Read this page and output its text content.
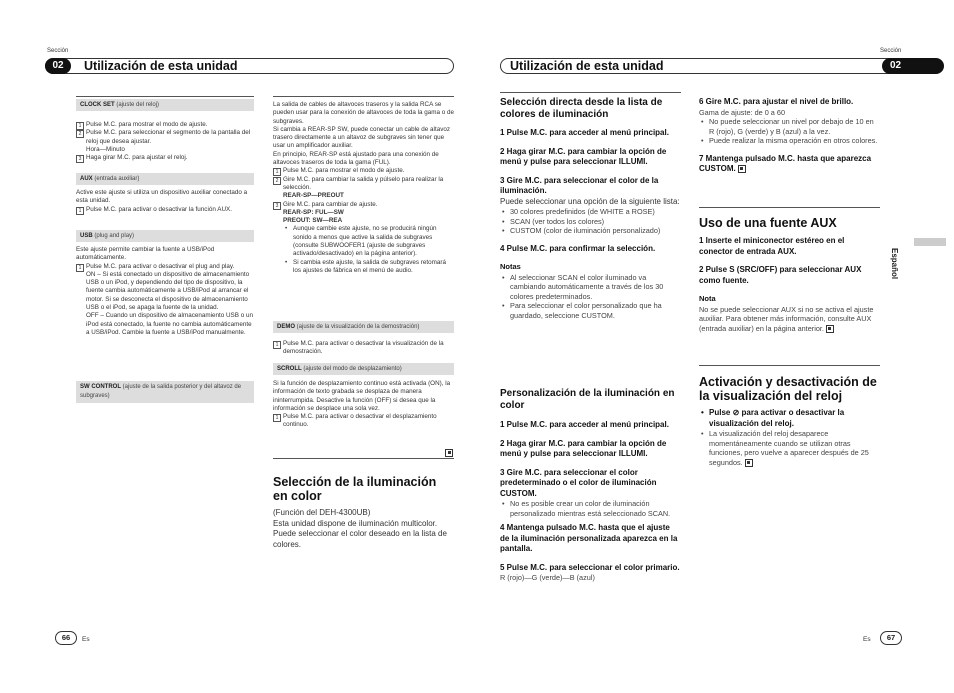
Sección
02	Utilización de esta unidad
Sección
02
Utilización de esta unidad
CLOCK SET (ajuste del reloj)

1 Pulse M.C. para mostrar el modo de ajuste.

2 Pulse M.C. para seleccionar el segmento de la pantalla del reloj que desea ajustar.

Hora—Minuto

3 Haga girar M.C. para ajustar el reloj.

AUX (entrada auxiliar)

Active este ajuste si utiliza un dispositivo auxiliar conectado a esta unidad.

1 Pulse M.C. para activar o desactivar la función AUX.

USB (plug and play)

Este ajuste permite cambiar la fuente a USB/iPod automáticamente.

1 Pulse M.C. para activar o desactivar el plug and play.

ON – Si está conectado un dispositivo de almacenamiento USB o un iPod, y dependiendo del tipo de dispositivo, la fuente cambia automáticamente a USB/iPod al arrancar el motor. Si se desconecta el dispositivo de almacenamiento USB o el iPod, se apaga la fuente de la unidad.

OFF – Cuando un dispositivo de almacenamiento USB o un iPod está conectado, la fuente no cambia automáticamente a USB/iPod. Cambie la fuente a USB/iPod manualmente.

SW CONTROL (ajuste de la salida posterior y del altavoz de subgraves)

La salida de cables de altavoces traseros y la salida RCA se pueden usar para la conexión de altavoces de toda la gama o de subgraves.

Si cambia a REAR-SP SW, puede conectar un cable de altavoz trasero directamente a un altavoz de subgraves sin tener que usar un amplificador auxiliar.

En principio, REAR-SP está ajustado para una conexión de altavoces traseros de toda la gama (FUL).

1 Pulse M.C. para mostrar el modo de ajuste.

2 Gire M.C. para cambiar la salida y púlselo para realizar la selección.

REAR-SP—PREOUT

3 Gire M.C. para cambiar de ajuste.

REAR-SP: FUL—SW

PREOUT: SW—REA

• Aunque cambie este ajuste, no se producirá ningún sonido a menos que active la salida de subgraves (consulte SUBWOOFER1 (ajuste de subgraves activado/desactivado) en la página anterior).

• Si cambia este ajuste, la salida de subgraves retomará los ajustes de fábrica en el menú de audio.

DEMO (ajuste de la visualización de la demostración)

1 Pulse M.C. para activar o desactivar la visualización de la demostración.

SCROLL (ajuste del modo de desplazamiento)

Si la función de desplazamiento continuo está activada (ON), la información de texto grabada se desplaza de manera ininterrumpida. Desactive la función (OFF) si desea que la información se desplace una sola vez.

1 Pulse M.C. para activar o desactivar el desplazamiento continuo.

Selección de la iluminación en color

(Función del DEH-4300UB)

Esta unidad dispone de iluminación multicolor. Puede seleccionar el color deseado en la lista de colores.

Selección directa desde la lista de colores de iluminación

1 Pulse M.C. para acceder al menú principal.

2 Haga girar M.C. para cambiar la opción de menú y pulse para seleccionar ILLUMI.

3 Gire M.C. para seleccionar el color de la iluminación.

Puede seleccionar una opción de la siguiente lista:

• 30 colores predefinidos (de WHITE a ROSE)

• SCAN (ver todos los colores)

• CUSTOM (color de iluminación personalizado)

4 Pulse M.C. para confirmar la selección.

Notas

• Al seleccionar SCAN el color iluminado va cambiando automáticamente a través de los 30 colores predeterminados.

• Para seleccionar el color personalizado que ha guardado, seleccione CUSTOM.

Personalización de la iluminación en color

1 Pulse M.C. para acceder al menú principal.

2 Haga girar M.C. para cambiar la opción de menú y pulse para seleccionar ILLUMI.

3 Gire M.C. para seleccionar el color predeterminado o el color de iluminación CUSTOM.

• No es posible crear un color de iluminación personalizado mientras está seleccionado SCAN.

4 Mantenga pulsado M.C. hasta que el ajuste de la iluminación personalizada aparezca en la pantalla.

5 Pulse M.C. para seleccionar el color primario.

R (rojo)—G (verde)—B (azul)

6 Gire M.C. para ajustar el nivel de brillo.

Gama de ajuste: de 0 a 60

• No puede seleccionar un nivel por debajo de 10 en R (rojo), G (verde) y B (azul) a la vez.

• Puede realizar la misma operación en otros colores.

7 Mantenga pulsado M.C. hasta que aparezca CUSTOM.

Uso de una fuente AUX

1 Inserte el miniconector estéreo en el conector de entrada AUX.

2 Pulse S (SRC/OFF) para seleccionar AUX como fuente.

Nota

No se puede seleccionar AUX si no se activa el ajuste auxiliar. Para obtener más información, consulte AUX (entrada auxiliar) en la página anterior.

Activación y desactivación de la visualización del reloj

• Pulse ⊘ para activar o desactivar la visualización del reloj.

• La visualización del reloj desaparece momentáneamente cuando se utilizan otras funciones, pero vuelve a aparecer después de 25 segundos.

Español
66	Es	Es	67
